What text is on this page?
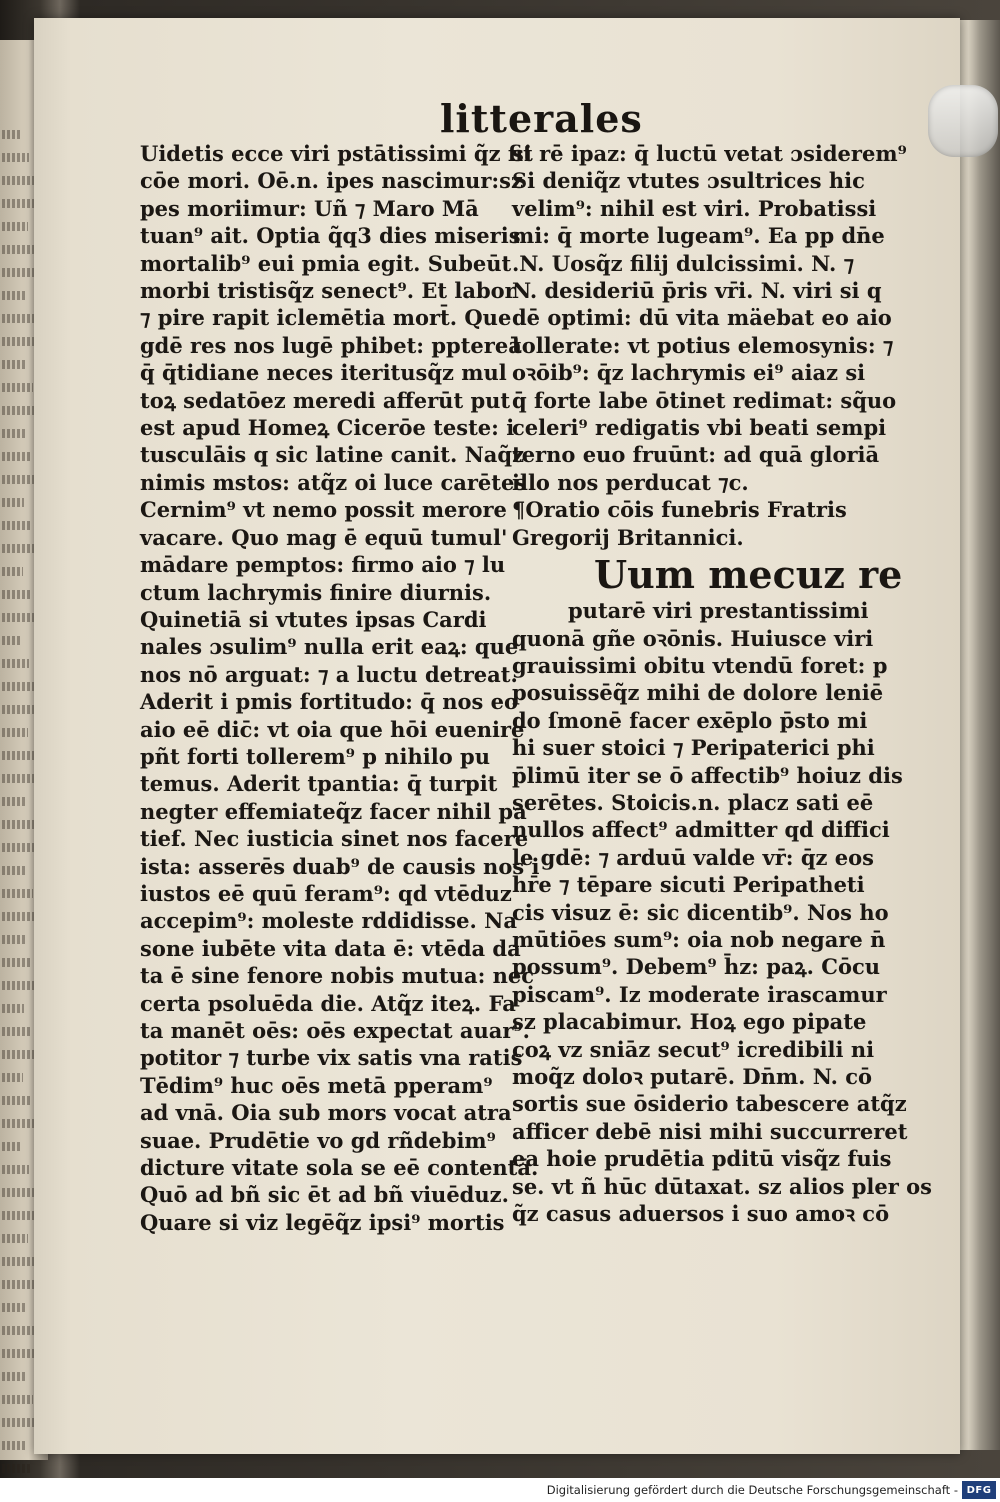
litterales
Uidetis ecce viri pstātissimi q̃z fit
cōe mori. Oē.n. ipes nascimur:sz
pes moriimur: Uñ ⁊ Maro Mā
tuan⁹ ait. Optia q̃q3 dies miseris
mortalib⁹ eui pmia egit. Subeūt
morbi tristisq̃z senect⁹. Et labor
⁊ pire rapit iclemētia mort̄. Que
gdē res nos lugē phibet: pptereā
q̄ q̄tidiane neces iteritusq̃z mul
toꝝ sedatōez meredi afferūt put
est apud Homeꝝ Cicerōe teste: i
tusculāis q sic latine canit. Naq̃z
nimis mstos: atq̃z oi luce carētes
Cernim⁹ vt nemo possit merore
vacare. Quo mag ē equū tumul'
mādare pemptos: firmo aio ⁊ lu
ctum lachrymis finire diurnis.
Quinetiā si vtutes ipsas Cardi
nales ɔsulim⁹ nulla erit eaꝝ: que
nos nō arguat: ⁊ a luctu detreat.
Aderit i pmis fortitudo: q̄ nos eo
aio eē dic̄: vt oia que hōi euenire
pñt forti tollerem⁹ p nihilo pu
temus. Aderit tpantia: q̄ turpit
negter effemiateq̃z facer nihil pa
tief. Nec iusticia sinet nos facere
ista: asserēs duab⁹ de causis nos i
iustos eē quū feram⁹: qd vtēduz
accepim⁹: moleste rddidisse. Na
sone iubēte vita data ē: vtēda da
ta ē sine fenore nobis mutua: nec
certa psoluēda die. Atq̃z iteꝝ. Fa
ta manēt oēs: oēs expectat auar⁹.
potitor ⁊ turbe vix satis vna ratis
Tēdim⁹ huc oēs metā pperam⁹
ad vnā. Oia sub mors vocat atra
suae. Prudētie vo gd rñdebim⁹
dicture vitate sola se eē contentā.
Quō ad bñ sic ēt ad bñ viuēduz.
Quare si viz legēq̃z ipsi⁹ mortis
si rē ipaz: q̄ luctū vetat ɔsiderem⁹
Si deniq̃z vtutes ɔsultrices hic
velim⁹: nihil est viri. Probatissi
mi: q̄ morte lugeam⁹. Ea pp dn̄e
.N. Uosq̃z filij dulcissimi. N. ⁊
N. desideriū p̄ris vr̄i. N. viri si q
dē optimi: dū vita mäebat eo aio
tollerate: vt potius elemosynis: ⁊
oꝛōib⁹: q̄z lachrymis ei⁹ aiaz si
q̄ forte labe ōtinet redimat: sq̃uo
celeri⁹ redigatis vbi beati sempi
terno euo fruūnt: ad quā gloriā
illo nos perducat ⁊c.
¶Oratio cōis funebris Fratris
Gregorij Britannici.
Uum mecuz re
putarē viri prestantissimi
quonā gñe oꝛōnis. Huiusce viri
grauissimi obitu vtendū foret: p
posuissēq̃z mihi de dolore leniē
do ſmonē facer exēplo p̄sto mi
hi suer stoici ⁊ Peripaterici phi
p̄limū iter se ō affectib⁹ hoiuz dis
serētes. Stoicis.n. placz sati eē
nullos affect⁹ admitter qd diffici
le gdē: ⁊ arduū valde vr̄: q̄z eos
hr̄e ⁊ tēpare sicuti Peripatheti
cis visuz ē: sic dicentib⁹. Nos ho
mūtiōes sum⁹: oia nob negare n̄
possum⁹. Debem⁹ h̄z: paꝝ. Cōcu
piscam⁹. Iz moderate irascamur
sz placabimur. Hoꝝ ego pipate
coꝝ vz sniāz secut⁹ icredibili ni
moq̃z doloꝛ putarē. Dn̄m. N. cō
sortis sue ōsiderio tabescere atq̃z
afficer debē nisi mihi succurreret
ea hoie prudētia pditū visq̃z fuis
se. vt ñ hūc dūtaxat. sz alios pler os
q̃z casus aduersos i suo amoꝛ cō
Digitalisierung gefördert durch die Deutsche Forschungsgemeinschaft - DFG
